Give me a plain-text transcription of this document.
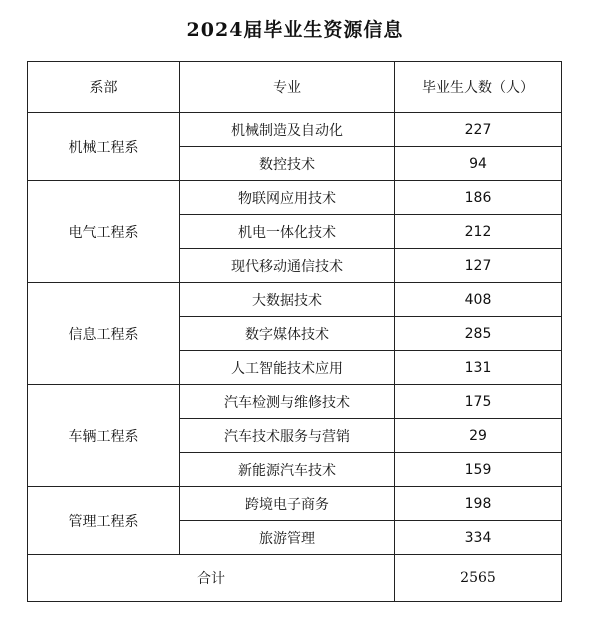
2024届毕业生资源信息
系部	专业	毕业生人数（人）
机械工程系	机械制造及自动化	227
	数控技术	94
电气工程系	物联网应用技术	186
	机电一体化技术	212
	现代移动通信技术	127
信息工程系	大数据技术	408
	数字媒体技术	285
	人工智能技术应用	131
车辆工程系	汽车检测与维修技术	175
	汽车技术服务与营销	29
	新能源汽车技术	159
管理工程系	跨境电子商务	198
	旅游管理	334
合计		2565
